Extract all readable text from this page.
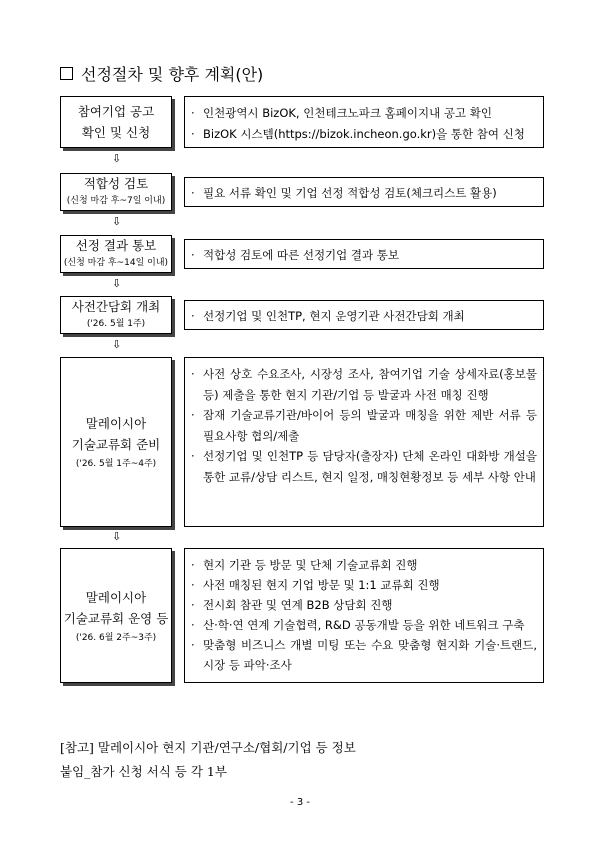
선정절차 및 향후 계획(안)
참여기업 공고
확인 및 신청
· 인천광역시 BizOK, 인천테크노파크 홈페이지내 공고 확인
· BizOK 시스템(https://bizok.incheon.go.kr)을 통한 참여 신청
⇩
적합성 검토
(신청 마감 후~7일 이내)
· 필요 서류 확인 및 기업 선정 적합성 검토(체크리스트 활용)
⇩
선정 결과 통보
(신청 마감 후~14일 이내)
· 적합성 검토에 따른 선정기업 결과 통보
⇩
사전간담회 개최
('26. 5월 1주)
· 선정기업 및 인천TP, 현지 운영기관 사전간담회 개최
⇩
말레이시아
기술교류회 준비
('26. 5월 1주~4주)
· 사전 상호 수요조사, 시장성 조사, 참여기업 기술 상세자료(홍보물 등) 제출을 통한 현지 기관/기업 등 발굴과 사전 매칭 진행
· 잠재 기술교류기관/바이어 등의 발굴과 매칭을 위한 제반 서류 등 필요사항 협의/제출
· 선정기업 및 인천TP 등 담당자(출장자) 단체 온라인 대화방 개설을 통한 교류/상담 리스트, 현지 일정, 매칭현황정보 등 세부 사항 안내
⇩
말레이시아
기술교류회 운영 등
('26. 6월 2주~3주)
· 현지 기관 등 방문 및 단체 기술교류회 진행
· 사전 매칭된 현지 기업 방문 및 1:1 교류회 진행
· 전시회 참관 및 연계 B2B 상담회 진행
· 산·학·연 연계 기술협력, R&D 공동개발 등을 위한 네트워크 구축
· 맞춤형 비즈니스 개별 미팅 또는 수요 맞춤형 현지화 기술·트랜드, 시장 등 파악·조사
[참고] 말레이시아 현지 기관/연구소/협회/기업 등 정보
붙임_참가 신청 서식 등 각 1부
- 3 -
